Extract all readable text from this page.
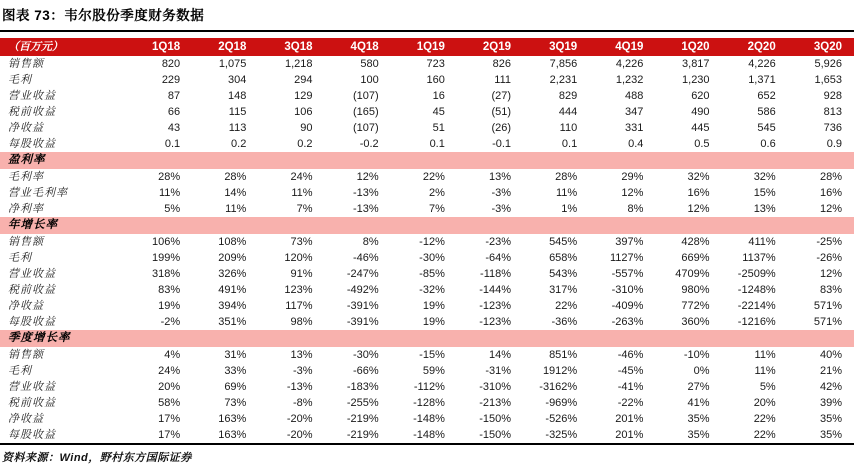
图表 73：韦尔股份季度财务数据
（百万元）	1Q18	2Q18	3Q18	4Q18	1Q19	2Q19	3Q19	4Q19	1Q20	2Q20	3Q20
销售额	820	1,075	1,218	580	723	826	7,856	4,226	3,817	4,226	5,926
毛利	229	304	294	100	160	111	2,231	1,232	1,230	1,371	1,653
营业收益	87	148	129	(107)	16	(27)	829	488	620	652	928
税前收益	66	115	106	(165)	45	(51)	444	347	490	586	813
净收益	43	113	90	(107)	51	(26)	110	331	445	545	736
每股收益	0.1	0.2	0.2	-0.2	0.1	-0.1	0.1	0.4	0.5	0.6	0.9
盈利率											
毛利率	28%	28%	24%	12%	22%	13%	28%	29%	32%	32%	28%
营业毛利率	11%	14%	11%	-13%	2%	-3%	11%	12%	16%	15%	16%
净利率	5%	11%	7%	-13%	7%	-3%	1%	8%	12%	13%	12%
年增长率											
销售额	106%	108%	73%	8%	-12%	-23%	545%	397%	428%	411%	-25%
毛利	199%	209%	120%	-46%	-30%	-64%	658%	1127%	669%	1137%	-26%
营业收益	318%	326%	91%	-247%	-85%	-118%	543%	-557%	4709%	-2509%	12%
税前收益	83%	491%	123%	-492%	-32%	-144%	317%	-310%	980%	-1248%	83%
净收益	19%	394%	117%	-391%	19%	-123%	22%	-409%	772%	-2214%	571%
每股收益	-2%	351%	98%	-391%	19%	-123%	-36%	-263%	360%	-1216%	571%
季度增长率											
销售额	4%	31%	13%	-30%	-15%	14%	851%	-46%	-10%	11%	40%
毛利	24%	33%	-3%	-66%	59%	-31%	1912%	-45%	0%	11%	21%
营业收益	20%	69%	-13%	-183%	-112%	-310%	-3162%	-41%	27%	5%	42%
税前收益	58%	73%	-8%	-255%	-128%	-213%	-969%	-22%	41%	20%	39%
净收益	17%	163%	-20%	-219%	-148%	-150%	-526%	201%	35%	22%	35%
每股收益	17%	163%	-20%	-219%	-148%	-150%	-325%	201%	35%	22%	35%
资料来源：Wind，野村东方国际证券
